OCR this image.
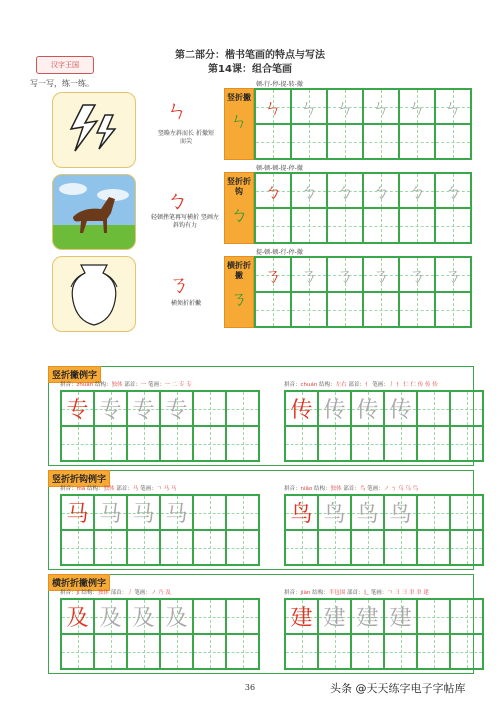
第二部分：楷书笔画的特点与写法
第14课：组合笔画
汉字王国
写一写，练一练。
ㄣ
竖略左斜而长 折撤短而尖
ㄅ
轻顿挫笔再写横折 竖画左斜钩有力
ㄋ
横须折折撇
顿-行-停-提-转-撤
竖折撇
ㄣ
ㄣ ㄣ ㄣ ㄣ ㄣ ㄣ
顿-顿-顿-提-停-撤
竖折折钩
ㄅ
ㄅ ㄅ ㄅ ㄅ ㄅ ㄅ
提-顿-顿-行-停-撤
横折折撇
ㄋ
ㄋ ㄋ ㄋ ㄋ ㄋ ㄋ
竖折撇例字
竖折折钩例字
横折折撇例字
拼音：zhuān 结构：独体 部首：一 笔画：一 二 专 专
专 专 专 专
拼音：chuán 结构：左右 部首：亻 笔画：丿 亻 仁 仁 传 传 传
传 传 传 传
拼音：mǎ 结构：独体 部首：马 笔画：ㄱ 马 马
马 马 马 马
拼音：niǎo 结构：独体 部首：鸟 笔画：ノ ㄅ 乌 乌 鸟
鸟 鸟 鸟 鸟
拼音：jí 结构：独体 部首：丿 笔画：ノ 乃 及
及 及 及 及
拼音：jiàn 结构：半包围 部首：廴 笔画：ㄱ ⺕ ⺕ 聿 聿 建
建 建 建 建
36	头条 @天天练字电子字帖库
